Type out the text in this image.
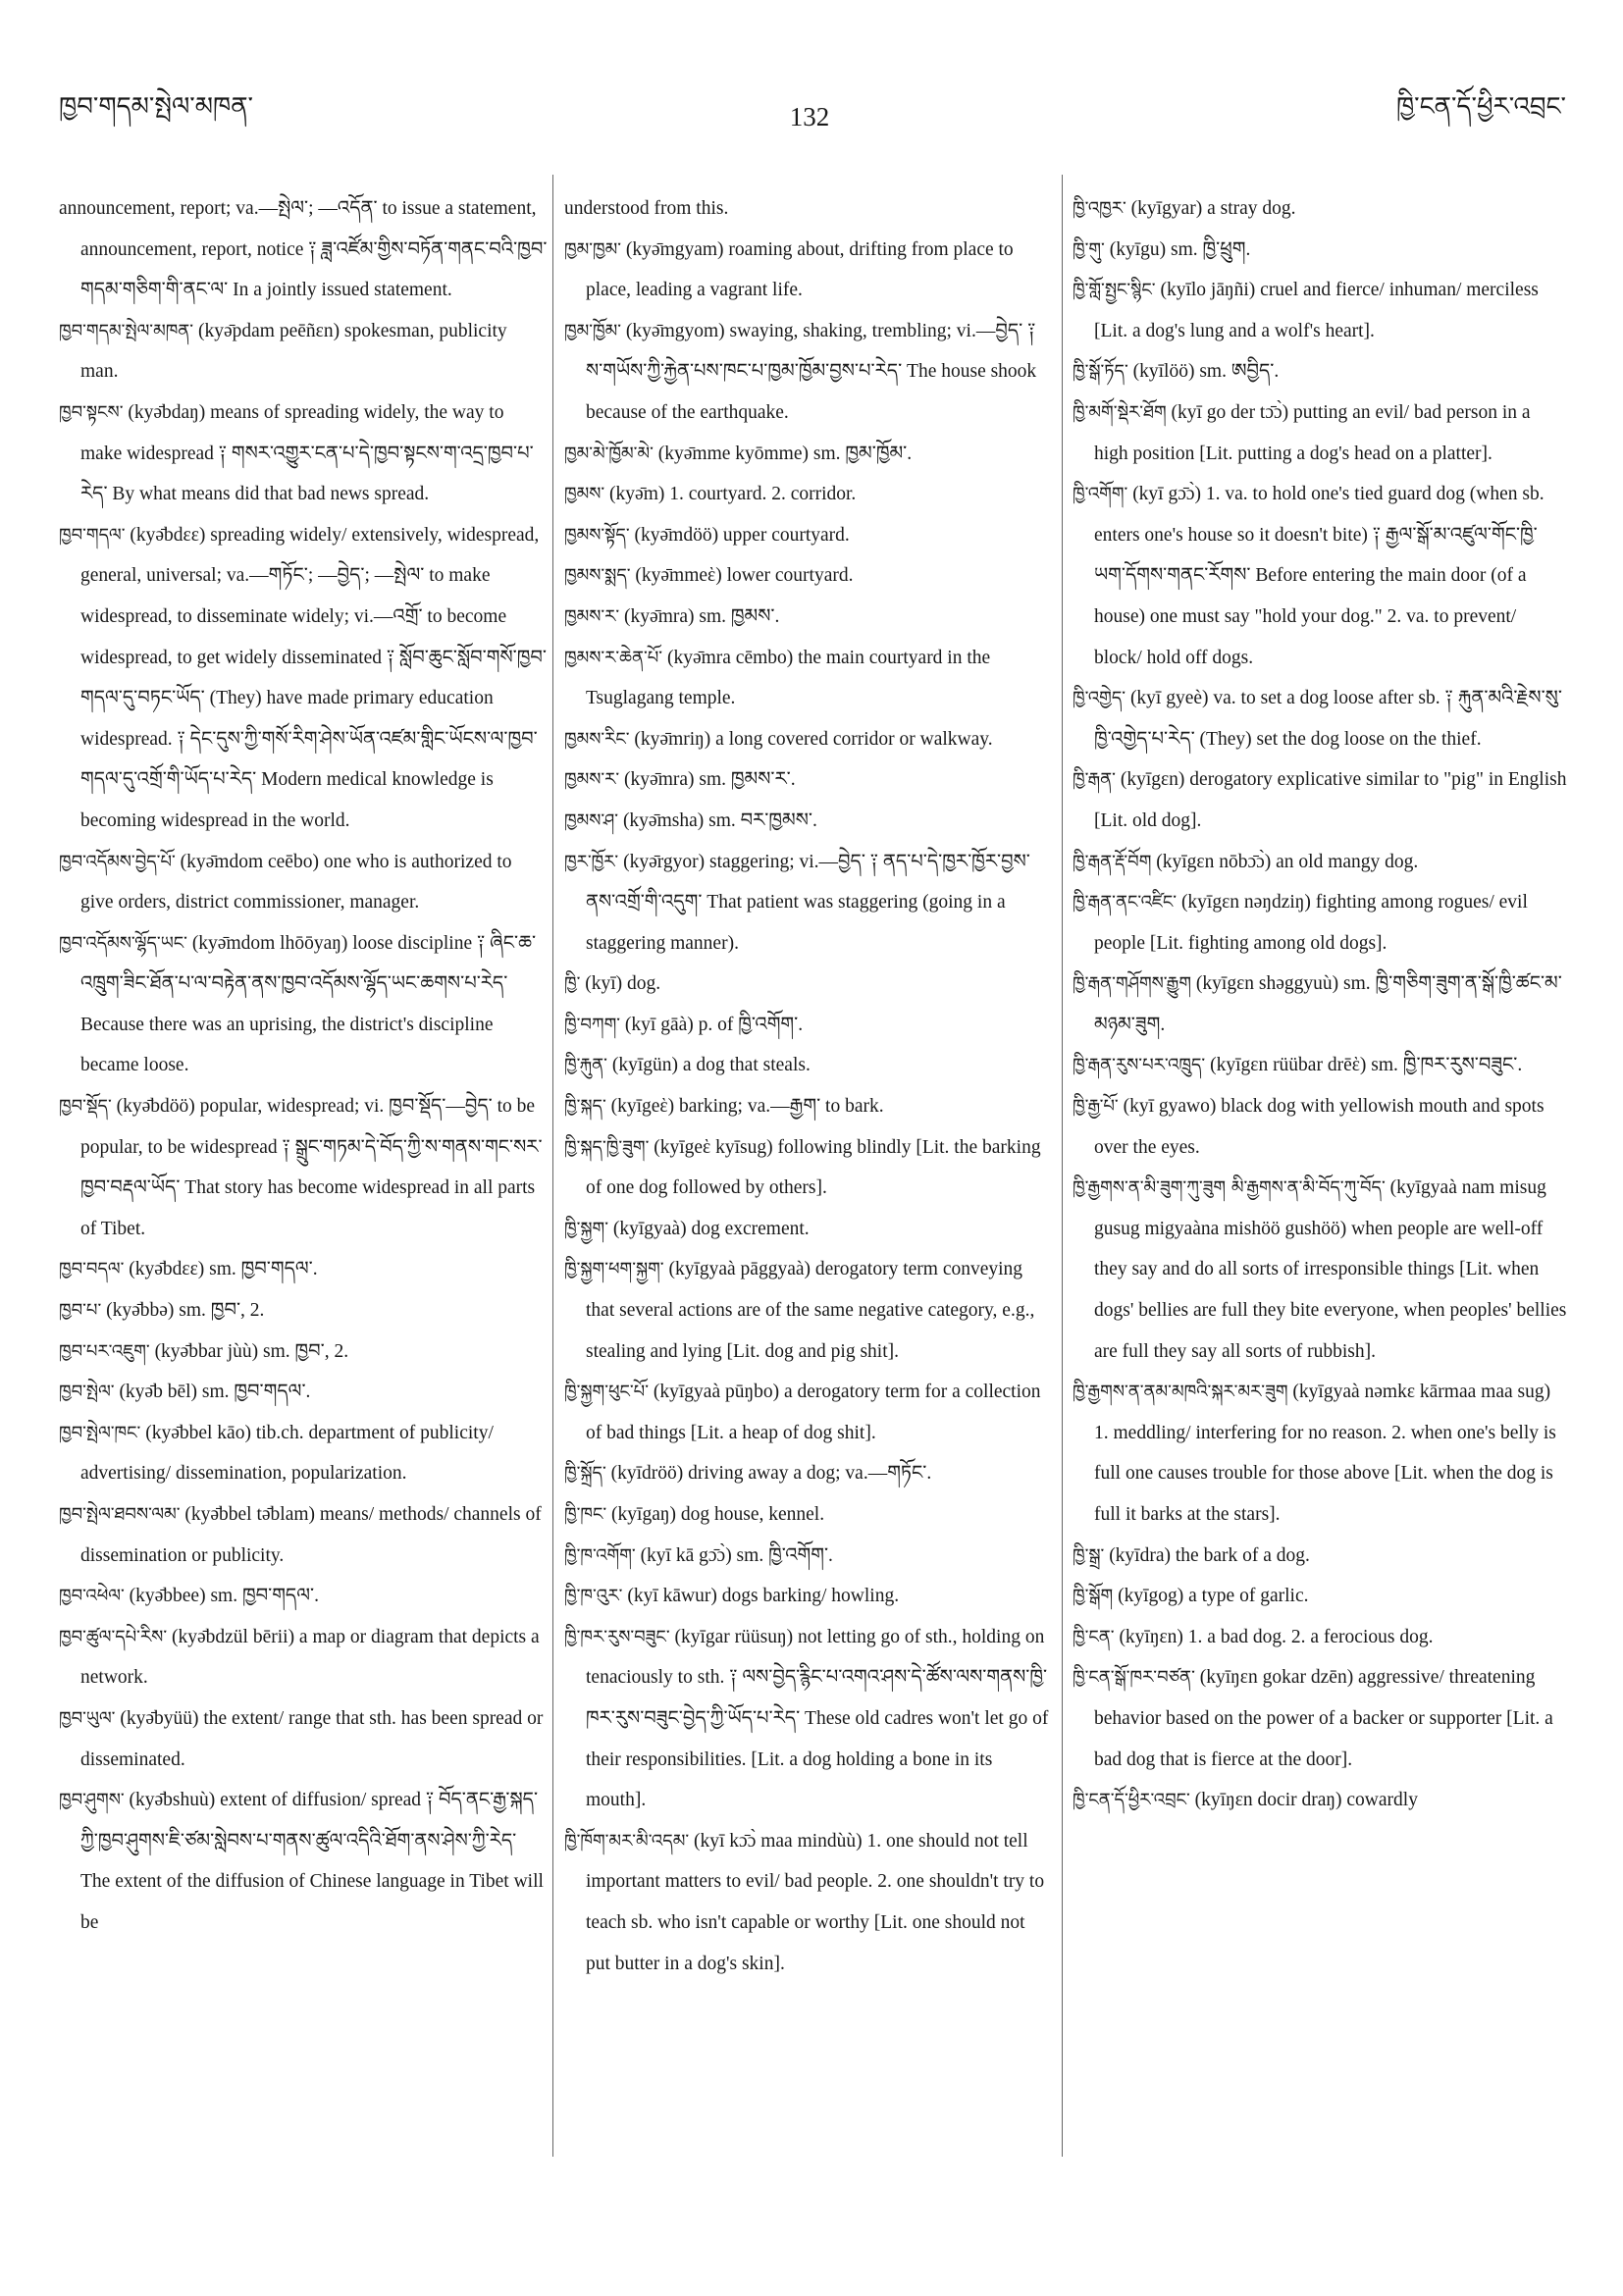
ཁྱབ་གདམ་སྤེལ་མཁན་	132	ཁྱི་ངན་དོ་ཕྱིར་འབྲང་

announcement, report; va.—སྤེལ་; —འདོན་ to issue a statement, announcement, report, notice ༑ ཟླ་འཛོམ་གྱིས་བཏོན་གནང་བའི་ཁྱབ་གདམ་གཅིག་གི་ནང་ལ་ In a jointly issued statement.

ཁྱབ་གདམ་སྤེལ་མཁན་ (kyǝ̄pdam peēñεn) spokesman, publicity man.

ཁྱབ་སྟངས་ (kyǝ̄bdaŋ) means of spreading widely, the way to make widespread ༑ གསར་འགྱུར་ངན་པ་དེ་ཁྱབ་སྟངས་ག་འདྲ་ཁྱབ་པ་རེད་ By what means did that bad news spread.

ཁྱབ་གདལ་ (kyǝ̄bdεε) spreading widely/ extensively, widespread, general, universal; va.—གཏོང་; —བྱེད་; —སྤེལ་ to make widespread, to disseminate widely; vi.—འགྲོ་ to become widespread, to get widely disseminated ༑ སློབ་ཆུང་སློབ་གསོ་ཁྱབ་གདལ་དུ་བཏང་ཡོད་ (They) have made primary education widespread. ༑ དེང་དུས་ཀྱི་གསོ་རིག་ཤེས་ཡོན་འཛམ་གླིང་ཡོངས་ལ་ཁྱབ་གདལ་དུ་འགྲོ་གི་ཡོད་པ་རེད་ Modern medical knowledge is becoming widespread in the world.

ཁྱབ་འདོམས་བྱེད་པོ་ (kyǝ̄mdom ceēbo) one who is authorized to give orders, district commissioner, manager.

ཁྱབ་འདོམས་ལྷོད་ཡང་ (kyǝ̄mdom lhōōyaŋ) loose discipline ༑ ཞིང་ཆ་འཁྲུག་ཟིང་ཐོན་པ་ལ་བརྟེན་ནས་ཁྱབ་འདོམས་ལྷོད་ཡང་ཆགས་པ་རེད་ Because there was an uprising, the district's discipline became loose.

ཁྱབ་སྡོད་ (kyǝ̄bdöö) popular, widespread; vi. ཁྱབ་སྡོད་—བྱེད་ to be popular, to be widespread ༑ སྒྲུང་གཏམ་དེ་བོད་ཀྱི་ས་གནས་གང་སར་ཁྱབ་བརྡལ་ཡོད་ That story has become widespread in all parts of Tibet.

ཁྱབ་བདལ་ (kyǝ̄bdεε) sm. ཁྱབ་གདལ་.

ཁྱབ་པ་ (kyǝ̄bbǝ) sm. ཁྱབ་, 2.

ཁྱབ་པར་འཇུག་ (kyǝ̄bbar jùù) sm. ཁྱབ་, 2.

ཁྱབ་སྤེལ་ (kyǝ̄b bēl) sm. ཁྱབ་གདལ་.

ཁྱབ་སྤེལ་ཁང་ (kyǝ̄bbel kāo) tib.ch. department of publicity/ advertising/ dissemination, popularization.

ཁྱབ་སྤེལ་ཐབས་ལམ་ (kyǝ̄bbel tǝ̄blam) means/ methods/ channels of dissemination or publicity.

ཁྱབ་འཕེལ་ (kyǝ̄bbee) sm. ཁྱབ་གདལ་.

ཁྱབ་ཚུལ་དཔེ་རིས་ (kyǝ̄bdzül bērii) a map or diagram that depicts a network.

ཁྱབ་ཡུལ་ (kyǝ̄byüü) the extent/ range that sth. has been spread or disseminated.

ཁྱབ་ཤུགས་ (kyǝ̄bshuù) extent of diffusion/ spread ༑ བོད་ནང་རྒྱ་སྐད་ཀྱི་ཁྱབ་ཤུགས་ཇི་ཙམ་སླེབས་པ་གནས་ཚུལ་འདིའི་ཐོག་ནས་ཤེས་ཀྱི་རེད་ The extent of the diffusion of Chinese language in Tibet will be

understood from this.

ཁྱམ་ཁྱམ་ (kyǝ̄mgyam) roaming about, drifting from place to place, leading a vagrant life.

ཁྱམ་ཁྱོམ་ (kyǝ̄mgyom) swaying, shaking, trembling; vi.—བྱེད་ ༑ ས་གཡོས་ཀྱི་རྐྱེན་པས་ཁང་པ་ཁྱམ་ཁྱོམ་བྱས་པ་རེད་ The house shook because of the earthquake.

ཁྱམ་མེ་ཁྱོམ་མེ་ (kyǝ̄mme kyōmme) sm. ཁྱམ་ཁྱོམ་.

ཁྱམས་ (kyǝ̄m) 1. courtyard. 2. corridor.

ཁྱམས་སྟོད་ (kyǝ̄mdöö) upper courtyard.

ཁྱམས་སྨད་ (kyǝ̄mmeὲ) lower courtyard.

ཁྱམས་ར་ (kyǝ̄mra) sm. ཁྱམས་.

ཁྱམས་ར་ཆེན་པོ་ (kyǝ̄mra cēmbo) the main courtyard in the Tsuglagang temple.

ཁྱམས་རིང་ (kyǝ̄mriŋ) a long covered corridor or walkway.

ཁྱམས་ར་ (kyǝ̄mra) sm. ཁྱམས་ར་.

ཁྱམས་ཤ་ (kyǝ̄msha) sm. བར་ཁྱམས་.

ཁྱར་ཁྱོར་ (kyǝ̄rgyor) staggering; vi.—བྱེད་ ༑ ནད་པ་དེ་ཁྱར་ཁྱོར་བྱས་ནས་འགྲོ་གི་འདུག་ That patient was staggering (going in a staggering manner).

ཁྱི་ (kyī) dog.

ཁྱི་བཀག་ (kyī gāà) p. of ཁྱི་འགོག་.

ཁྱི་རྐུན་ (kyīgün) a dog that steals.

ཁྱི་སྐད་ (kyīgeὲ) barking; va.—རྒྱག་ to bark.

ཁྱི་སྐད་ཁྱི་ཟུག་ (kyīgeὲ kyīsug) following blindly [Lit. the barking of one dog followed by others].

ཁྱི་སྐྱག་ (kyīgyaà) dog excrement.

ཁྱི་སྐྱག་ཕག་སྐྱག་ (kyīgyaà pāggyaà) derogatory term conveying that several actions are of the same negative category, e.g., stealing and lying [Lit. dog and pig shit].

ཁྱི་སྐྱག་ཕུང་པོ་ (kyīgyaà pūŋbo) a derogatory term for a collection of bad things [Lit. a heap of dog shit].

ཁྱི་སྐྲོད་ (kyīdröö) driving away a dog; va.—གཏོང་.

ཁྱི་ཁང་ (kyīgaŋ) dog house, kennel.

ཁྱི་ཁ་འགོག་ (kyī kā gɔ̄ɔ̀) sm. ཁྱི་འགོག་.

ཁྱི་ཁ་འུར་ (kyī kāwur) dogs barking/ howling.

ཁྱི་ཁར་རུས་བཟུང་ (kyīgar rüüsuŋ) not letting go of sth., holding on tenaciously to sth. ༑ ལས་བྱེད་རྙིང་པ་འགའ་ཤས་དེ་ཚོས་ལས་གནས་ཁྱི་ཁར་རུས་བཟུང་བྱེད་ཀྱི་ཡོད་པ་རེད་ These old cadres won't let go of their responsibilities. [Lit. a dog holding a bone in its mouth].

ཁྱི་ཁོག་མར་མི་འདམ་ (kyī kɔ̄ɔ̀ maa mindùù) 1. one should not tell important matters to evil/ bad people. 2. one shouldn't try to teach sb. who isn't capable or worthy [Lit. one should not put butter in a dog's skin].

ཁྱི་འཁྱར་ (kyīgyar) a stray dog.

ཁྱི་གུ་ (kyīgu) sm. ཁྱི་ཕྲུག.

ཁྱི་གློ་སྤྱང་སྙིང་ (kyīlo jāŋñi) cruel and fierce/ inhuman/ merciless [Lit. a dog's lung and a wolf's heart].

ཁྱི་སྒོ་ཏོད་ (kyīlöö) sm. ཨབྱིད་.

ཁྱི་མགོ་སྡེར་ཐོག (kyī go der tɔ̄ɔ̀) putting an evil/ bad person in a high position [Lit. putting a dog's head on a platter].

ཁྱི་འགོག་ (kyī gɔ̄ɔ̀) 1. va. to hold one's tied guard dog (when sb. enters one's house so it doesn't bite) ༑ རྒྱལ་སྒོ་མ་འཛུལ་གོང་ཁྱི་ཡག་དོགས་གནང་རོགས་ Before entering the main door (of a house) one must say "hold your dog." 2. va. to prevent/ block/ hold off dogs.

ཁྱི་འགྱེད་ (kyī gyeè) va. to set a dog loose after sb. ༑ རྐུན་མའི་རྗེས་སུ་ཁྱི་འགྱེད་པ་རེད་ (They) set the dog loose on the thief.

ཁྱི་རྒན་ (kyīgεn) derogatory explicative similar to "pig" in English [Lit. old dog].

ཁྱི་རྒན་རྡོ་བོག (kyīgεn nōbɔ̄ɔ̀) an old mangy dog.

ཁྱི་རྒན་ནང་འཛིང་ (kyīgεn nǝŋdziŋ) fighting among rogues/ evil people [Lit. fighting among old dogs].

ཁྱི་རྒན་གཤོགས་རྒྱུག (kyīgεn shǝggyuù) sm. ཁྱི་གཅིག་ཟུག་ན་སྒོ་ཁྱི་ཚང་མ་མཉམ་ཟུག.

ཁྱི་རྒན་རུས་པར་འཁྲུད་ (kyīgεn rüübar drēὲ) sm. ཁྱི་ཁར་རུས་བཟུང་.

ཁྱི་རྒྱ་པོ་ (kyī gyawo) black dog with yellowish mouth and spots over the eyes.

ཁྱི་རྒྱགས་ན་མི་ཟུག་ཀུ་ཟུག མི་རྒྱགས་ན་མི་བོད་ཀུ་བོད་ (kyīgyaà nam misug gusug migyaàna mishöö gushöö) when people are well-off they say and do all sorts of irresponsible things [Lit. when dogs' bellies are full they bite everyone, when peoples' bellies are full they say all sorts of rubbish].

ཁྱི་རྒྱགས་ན་ནམ་མཁའི་སྐར་མར་ཟུག (kyīgyaà nǝmkε kārmaa maa sug) 1. meddling/ interfering for no reason. 2. when one's belly is full one causes trouble for those above [Lit. when the dog is full it barks at the stars].

ཁྱི་སྒྲ་ (kyīdra) the bark of a dog.

ཁྱི་སྒོག (kyīgog) a type of garlic.

ཁྱི་ངན་ (kyīŋεn) 1. a bad dog. 2. a ferocious dog.

ཁྱི་ངན་སྒོ་ཁར་བཙན་ (kyīŋεn gokar dzēn) aggressive/ threatening behavior based on the power of a backer or supporter [Lit. a bad dog that is fierce at the door].

ཁྱི་ངན་དོ་ཕྱིར་འབྲང་ (kyīŋεn docir draŋ) cowardly
